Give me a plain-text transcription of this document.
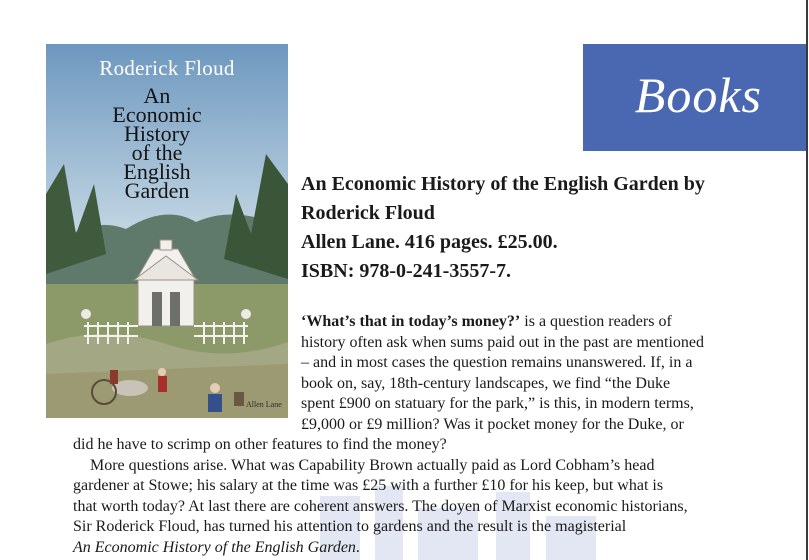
Books
Roderick Floud
An
Economic
History
of the
English
Garden
Allen Lane
An Economic History of the English Garden by
Roderick Floud
Allen Lane. 416 pages. £25.00.
ISBN: 978-0-241-3557-7.
‘What’s that in today’s money?’ is a question readers of
history often ask when sums paid out in the past are mentioned
– and in most cases the question remains unanswered. If, in a
book on, say, 18th-century landscapes, we find “the Duke
spent £900 on statuary for the park,” is this, in modern terms,
£9,000 or £9 million? Was it pocket money for the Duke, or
did he have to scrimp on other features to find the money?
More questions arise. What was Capability Brown actually paid as Lord Cobham’s head
gardener at Stowe; his salary at the time was £25 with a further £10 for his keep, but what is
that worth today? At last there are coherent answers. The doyen of Marxist economic historians,
Sir Roderick Floud, has turned his attention to gardens and the result is the magisterial
An Economic History of the English Garden.
